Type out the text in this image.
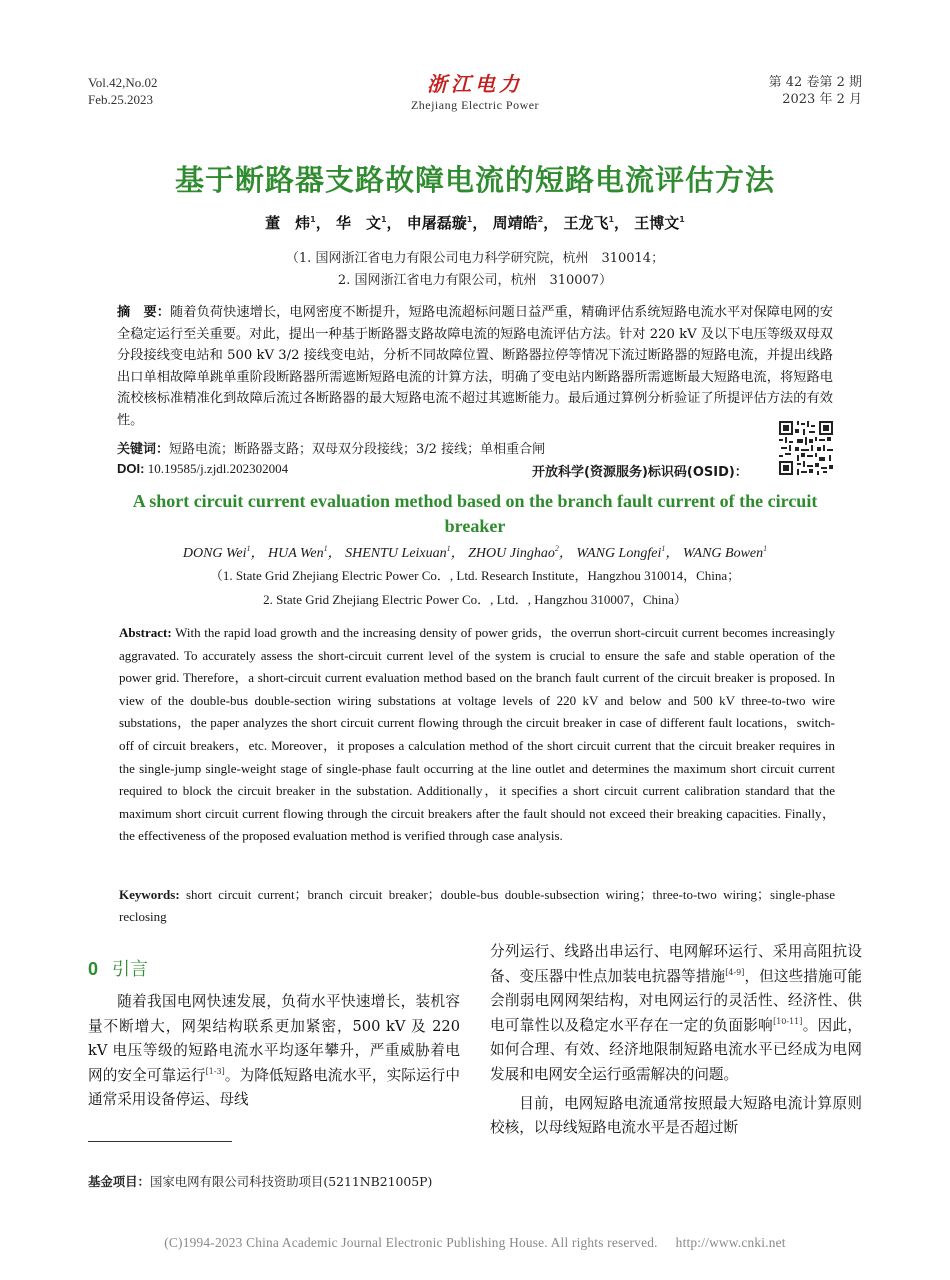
Vol.42,No.02
Feb.25.2023
浙江电力
Zhejiang Electric Power
第 42 卷第 2 期
2023 年 2 月
基于断路器支路故障电流的短路电流评估方法
董　炜$^1$， 华　文$^1$， 申屠磊璇$^1$， 周靖皓$^2$， 王龙飞$^1$， 王博文$^1$
（1. 国网浙江省电力有限公司电力科学研究院，杭州　310014；
2. 国网浙江省电力有限公司，杭州　310007）
摘　要：随着负荷快速增长，电网密度不断提升，短路电流超标问题日益严重，精确评估系统短路电流水平对保障电网的安全稳定运行至关重要。对此，提出一种基于断路器支路故障电流的短路电流评估方法。针对 220 kV 及以下电压等级双母双分段接线变电站和 500 kV 3/2 接线变电站，分析不同故障位置、断路器拉停等情况下流过断路器的短路电流，并提出线路出口单相故障单跳单重阶段断路器所需遮断短路电流的计算方法，明确了变电站内断路器所需遮断最大短路电流，将短路电流校核标准精准化到故障后流过各断路器的最大短路电流不超过其遮断能力。最后通过算例分析验证了所提评估方法的有效性。
关键词：短路电流；断路器支路；双母双分段接线；3/2 接线；单相重合闸
DOI: 10.19585/j.zjdl.202302004	开放科学(资源服务)标识码(OSID)：
A short circuit current evaluation method based on the branch fault current of the circuit breaker
DONG Wei$^1$， HUA Wen$^1$， SHENTU Leixuan$^1$， ZHOU Jinghao$^2$， WANG Longfei$^1$， WANG Bowen$^1$
（1. State Grid Zhejiang Electric Power Co．, Ltd. Research Institute，Hangzhou 310014，China；
2. State Grid Zhejiang Electric Power Co．, Ltd．, Hangzhou 310007，China）
Abstract: With the rapid load growth and the increasing density of power grids，the overrun short-circuit current becomes increasingly aggravated. To accurately assess the short-circuit current level of the system is crucial to ensure the safe and stable operation of the power grid. Therefore，a short-circuit current evaluation method based on the branch fault current of the circuit breaker is proposed. In view of the double-bus double-section wiring substations at voltage levels of 220 kV and below and 500 kV three-to-two wire substations，the paper analyzes the short circuit current flowing through the circuit breaker in case of different fault locations，switch-off of circuit breakers，etc. Moreover，it proposes a calculation method of the short circuit current that the circuit breaker requires in the single-jump single-weight stage of single-phase fault occurring at the line outlet and determines the maximum short circuit current required to block the circuit breaker in the substation. Additionally，it specifies a short circuit current calibration standard that the maximum short circuit current flowing through the circuit breakers after the fault should not exceed their breaking capacities. Finally，the effectiveness of the proposed evaluation method is verified through case analysis.
Keywords: short circuit current；branch circuit breaker；double-bus double-subsection wiring；three-to-two wiring；single-phase reclosing
0 引言

随着我国电网快速发展，负荷水平快速增长，装机容量不断增大，网架结构联系更加紧密，500 kV 及 220 kV 电压等级的短路电流水平均逐年攀升，严重威胁着电网的安全可靠运行[1-3]。为降低短路电流水平，实际运行中通常采用设备停运、母线

分列运行、线路出串运行、电网解环运行、采用高阻抗设备、变压器中性点加装电抗器等措施[4-9]，但这些措施可能会削弱电网网架结构，对电网运行的灵活性、经济性、供电可靠性以及稳定水平存在一定的负面影响[10-11]。因此，如何合理、有效、经济地限制短路电流水平已经成为电网发展和电网安全运行亟需解决的问题。

目前，电网短路电流通常按照最大短路电流计算原则校核，以母线短路电流水平是否超过断

基金项目：国家电网有限公司科技资助项目(5211NB21005P)
(C)1994-2023 China Academic Journal Electronic Publishing House. All rights reserved. http://www.cnki.net
